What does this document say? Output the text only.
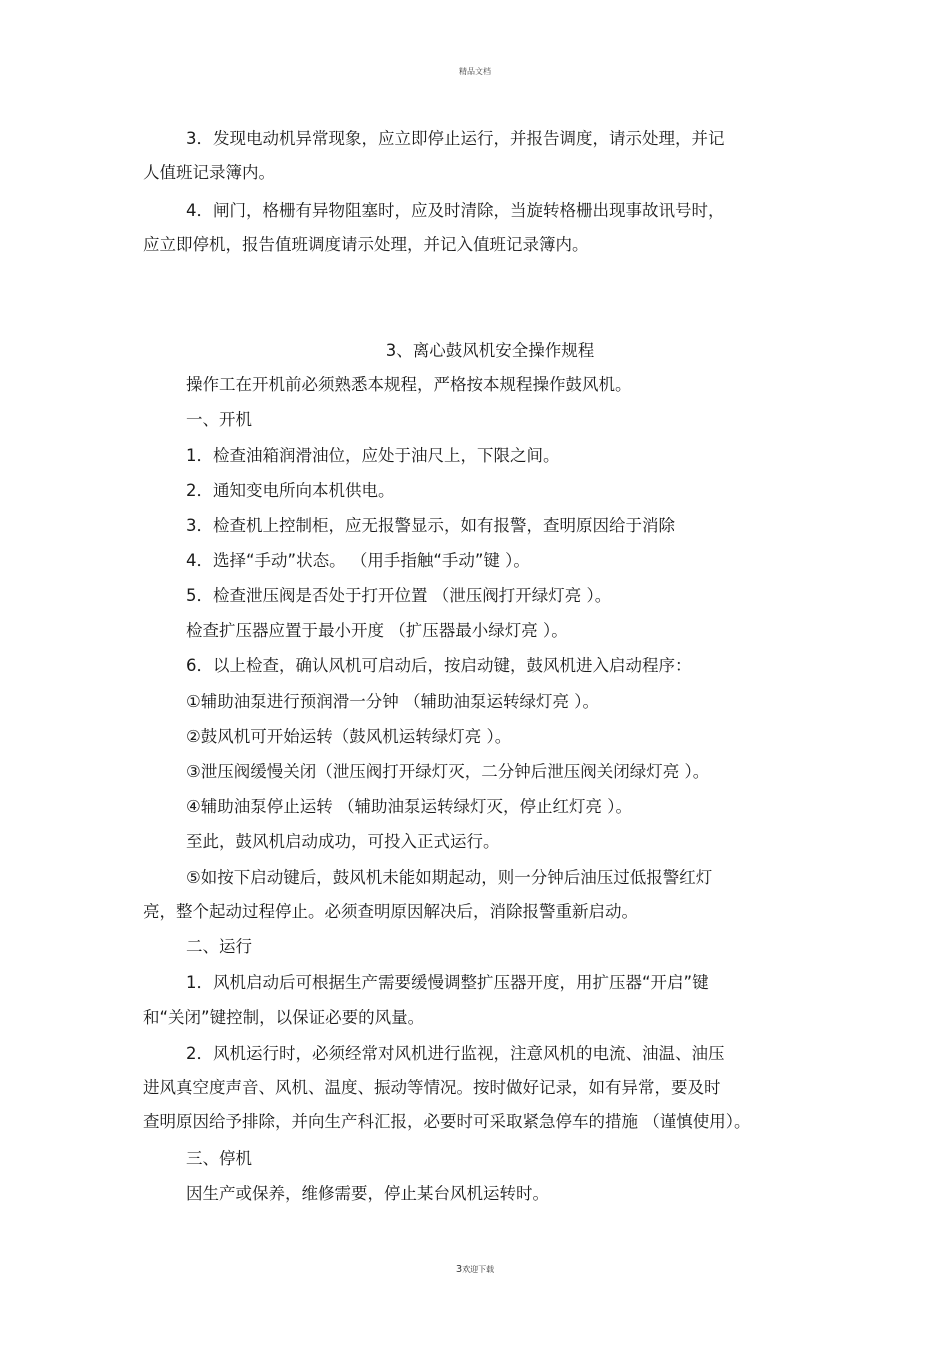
精品文档
3．发现电动机异常现象，应立即停止运行，并报告调度，请示处理，并记
人值班记录簿内。
4．闸门，格栅有异物阻塞时，应及时清除，当旋转格栅出现事故讯号时，
应立即停机，报告值班调度请示处理，并记入值班记录簿内。
3、离心鼓风机安全操作规程
操作工在开机前必须熟悉本规程，严格按本规程操作鼓风机。
一、开机
1．检查油箱润滑油位，应处于油尺上，下限之间。
2．通知变电所向本机供电。
3．检查机上控制柜，应无报警显示，如有报警，查明原因给于消除
4．选择“手动”状态。 （用手指触“手动”键 ）。
5．检查泄压阀是否处于打开位置 （泄压阀打开绿灯亮 ）。
检查扩压器应置于最小开度 （扩压器最小绿灯亮 ）。
6．以上检查，确认风机可启动后，按启动键，鼓风机进入启动程序：
①辅助油泵进行预润滑一分钟 （辅助油泵运转绿灯亮 ）。
②鼓风机可开始运转（鼓风机运转绿灯亮 ）。
③泄压阀缓慢关闭（泄压阀打开绿灯灭，二分钟后泄压阀关闭绿灯亮 ）。
④辅助油泵停止运转 （辅助油泵运转绿灯灭，停止红灯亮 ）。
至此，鼓风机启动成功，可投入正式运行。
⑤如按下启动键后，鼓风机未能如期起动，则一分钟后油压过低报警红灯
亮，整个起动过程停止。必须查明原因解决后，消除报警重新启动。
二、运行
1．风机启动后可根据生产需要缓慢调整扩压器开度，用扩压器“开启”键
和“关闭”键控制，以保证必要的风量。
2．风机运行时，必须经常对风机进行监视，注意风机的电流、油温、油压
进风真空度声音、风机、温度、振动等情况。按时做好记录，如有异常，要及时
查明原因给予排除，并向生产科汇报，必要时可采取紧急停车的措施 （谨慎使用）。
三、停机
因生产或保养，维修需要，停止某台风机运转时。
3欢迎下载
